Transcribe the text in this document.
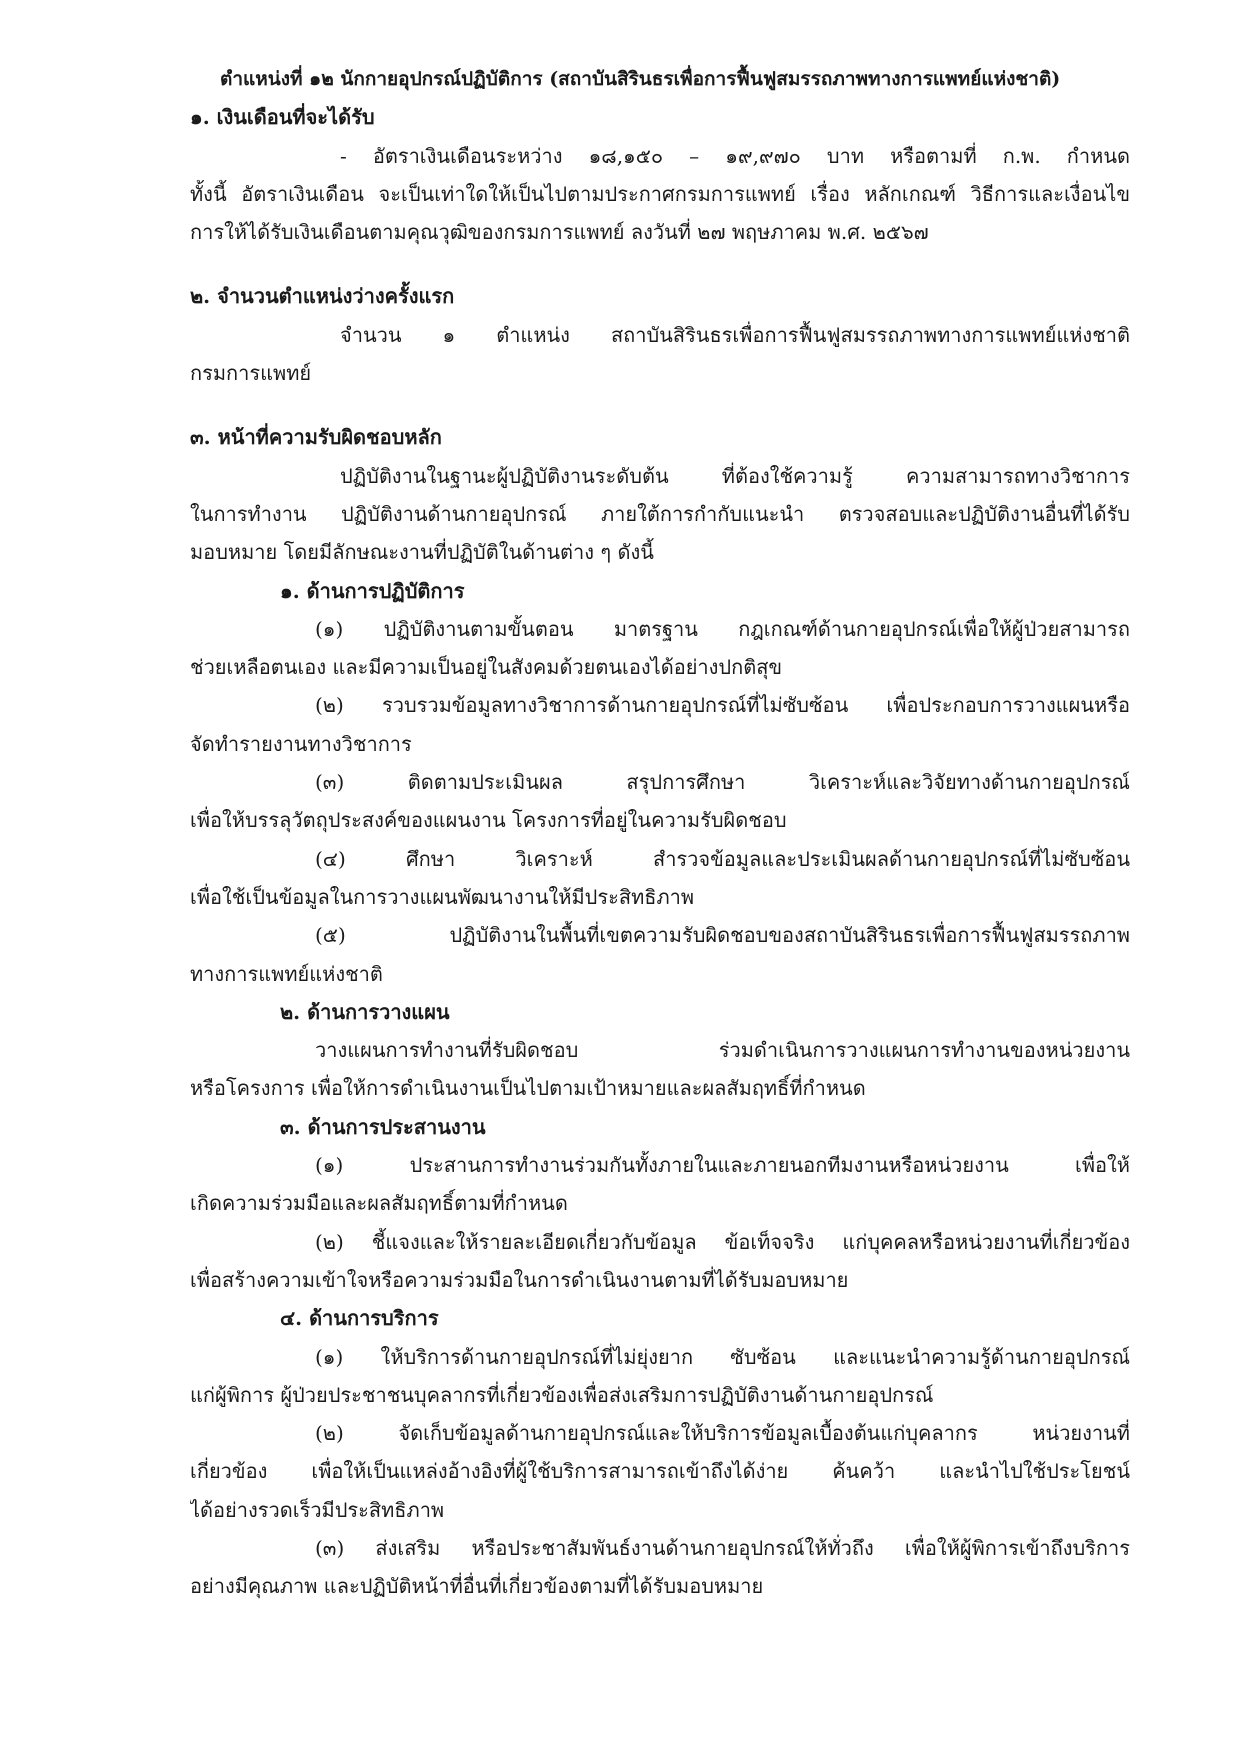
ตำแหน่งที่ ๑๒ นักกายอุปกรณ์ปฏิบัติการ (สถาบันสิรินธรเพื่อการฟื้นฟูสมรรถภาพทางการแพทย์แห่งชาติ)
๑. เงินเดือนที่จะได้รับ
- อัตราเงินเดือนระหว่าง ๑๘,๑๕๐ – ๑๙,๙๗๐ บาท หรือตามที่ ก.พ. กำหนด
ทั้งนี้ อัตราเงินเดือน จะเป็นเท่าใดให้เป็นไปตามประกาศกรมการแพทย์ เรื่อง หลักเกณฑ์ วิธีการและเงื่อนไข
การให้ได้รับเงินเดือนตามคุณวุฒิของกรมการแพทย์ ลงวันที่ ๒๗ พฤษภาคม พ.ศ. ๒๕๖๗
๒. จำนวนตำแหน่งว่างครั้งแรก
จำนวน ๑ ตำแหน่ง สถาบันสิรินธรเพื่อการฟื้นฟูสมรรถภาพทางการแพทย์แห่งชาติ
กรมการแพทย์
๓. หน้าที่ความรับผิดชอบหลัก
ปฏิบัติงานในฐานะผู้ปฏิบัติงานระดับต้น ที่ต้องใช้ความรู้ ความสามารถทางวิชาการ
ในการทำงาน ปฏิบัติงานด้านกายอุปกรณ์ ภายใต้การกำกับแนะนำ ตรวจสอบและปฏิบัติงานอื่นที่ได้รับ
มอบหมาย โดยมีลักษณะงานที่ปฏิบัติในด้านต่าง ๆ ดังนี้
๑. ด้านการปฏิบัติการ
(๑) ปฏิบัติงานตามขั้นตอน มาตรฐาน กฎเกณฑ์ด้านกายอุปกรณ์เพื่อให้ผู้ป่วยสามารถ
ช่วยเหลือตนเอง และมีความเป็นอยู่ในสังคมด้วยตนเองได้อย่างปกติสุข
(๒) รวบรวมข้อมูลทางวิชาการด้านกายอุปกรณ์ที่ไม่ซับซ้อน เพื่อประกอบการวางแผนหรือ
จัดทำรายงานทางวิชาการ
(๓) ติดตามประเมินผล สรุปการศึกษา วิเคราะห์และวิจัยทางด้านกายอุปกรณ์
เพื่อให้บรรลุวัตถุประสงค์ของแผนงาน โครงการที่อยู่ในความรับผิดชอบ
(๔) ศึกษา วิเคราะห์ สำรวจข้อมูลและประเมินผลด้านกายอุปกรณ์ที่ไม่ซับซ้อน
เพื่อใช้เป็นข้อมูลในการวางแผนพัฒนางานให้มีประสิทธิภาพ
(๕) ปฏิบัติงานในพื้นที่เขตความรับผิดชอบของสถาบันสิรินธรเพื่อการฟื้นฟูสมรรถภาพ
ทางการแพทย์แห่งชาติ
๒. ด้านการวางแผน
วางแผนการทำงานที่รับผิดชอบ ร่วมดำเนินการวางแผนการทำงานของหน่วยงาน
หรือโครงการ เพื่อให้การดำเนินงานเป็นไปตามเป้าหมายและผลสัมฤทธิ์ที่กำหนด
๓. ด้านการประสานงาน
(๑) ประสานการทำงานร่วมกันทั้งภายในและภายนอกทีมงานหรือหน่วยงาน เพื่อให้
เกิดความร่วมมือและผลสัมฤทธิ์ตามที่กำหนด
(๒) ชี้แจงและให้รายละเอียดเกี่ยวกับข้อมูล ข้อเท็จจริง แก่บุคคลหรือหน่วยงานที่เกี่ยวข้อง
เพื่อสร้างความเข้าใจหรือความร่วมมือในการดำเนินงานตามที่ได้รับมอบหมาย
๔. ด้านการบริการ
(๑) ให้บริการด้านกายอุปกรณ์ที่ไม่ยุ่งยาก ซับซ้อน และแนะนำความรู้ด้านกายอุปกรณ์
แก่ผู้พิการ ผู้ป่วยประชาชนบุคลากรที่เกี่ยวข้องเพื่อส่งเสริมการปฏิบัติงานด้านกายอุปกรณ์
(๒) จัดเก็บข้อมูลด้านกายอุปกรณ์และให้บริการข้อมูลเบื้องต้นแก่บุคลากร หน่วยงานที่
เกี่ยวข้อง เพื่อให้เป็นแหล่งอ้างอิงที่ผู้ใช้บริการสามารถเข้าถึงได้ง่าย ค้นคว้า และนำไปใช้ประโยชน์
ได้อย่างรวดเร็วมีประสิทธิภาพ
(๓) ส่งเสริม หรือประชาสัมพันธ์งานด้านกายอุปกรณ์ให้ทั่วถึง เพื่อให้ผู้พิการเข้าถึงบริการ
อย่างมีคุณภาพ และปฏิบัติหน้าที่อื่นที่เกี่ยวข้องตามที่ได้รับมอบหมาย
